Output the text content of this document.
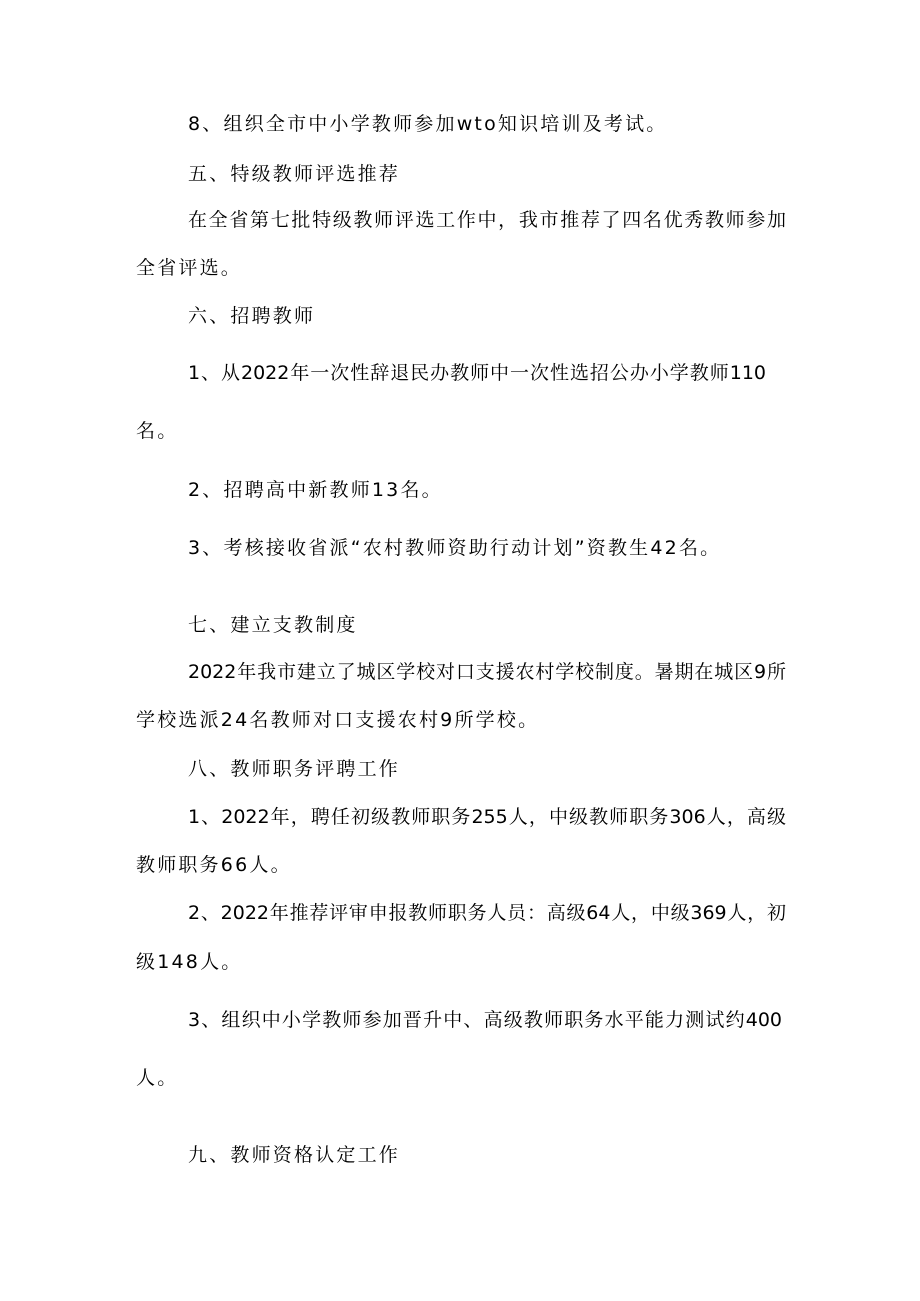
8、组织全市中小学教师参加wto知识培训及考试。
五、特级教师评选推荐
在全省第七批特级教师评选工作中，我市推荐了四名优秀教师参加
全省评选。
六、招聘教师
1、从2022年一次性辞退民办教师中一次性选招公办小学教师110
名。
2、招聘高中新教师13名。
3、考核接收省派“农村教师资助行动计划”资教生42名。
七、建立支教制度
2022年我市建立了城区学校对口支援农村学校制度。暑期在城区9所
学校选派24名教师对口支援农村9所学校。
八、教师职务评聘工作
1、2022年，聘任初级教师职务255人，中级教师职务306人，高级
教师职务66人。
2、2022年推荐评审申报教师职务人员：高级64人，中级369人，初
级148人。
3、组织中小学教师参加晋升中、高级教师职务水平能力测试约400
人。
九、教师资格认定工作
